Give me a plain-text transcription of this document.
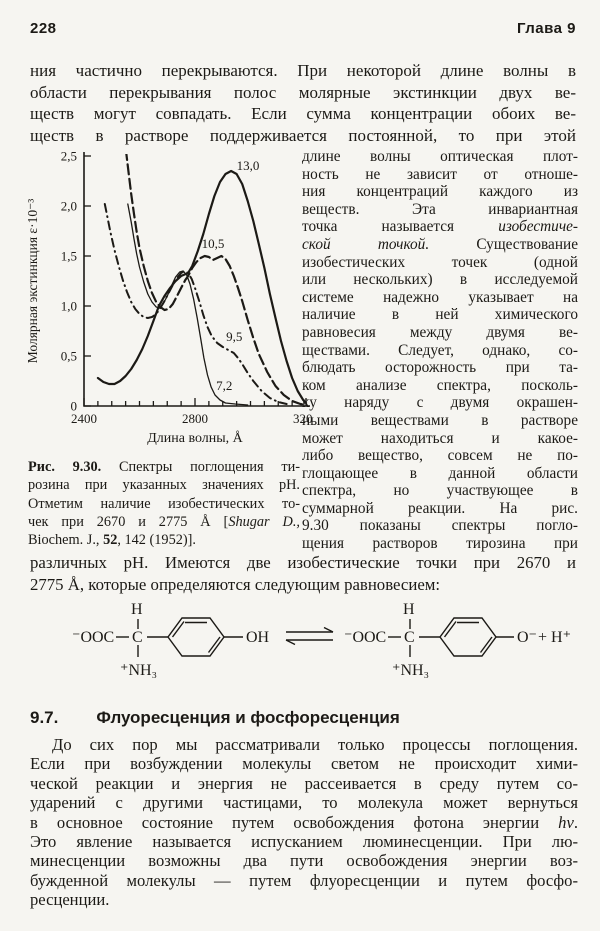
228	Глава 9
ния частично перекрываются. При некоторой длине волны в
области перекрывания полос молярные экстинкции двух ве-
ществ могут совпадать. Если сумма концентрации обоих ве-
ществ в растворе поддерживается постоянной, то при этой
2400	2800	320
0
0,5
1,0
1,5
2,0
2,5
Длина волны, Å
Молярная экстинкция ε·10⁻³
13,0
10,5
9,5
7,2
длине волны оптическая плот-
ность не зависит от отноше-
ния концентраций каждого из
веществ. Эта инвариантная
точка называется изобестиче-
ской точкой. Существование
изобестических точек (одной
или нескольких) в исследуемой
системе надежно указывает на
наличие в ней химического
равновесия между двумя ве-
ществами. Следует, однако, со-
блюдать осторожность при та-
ком анализе спектра, посколь-
ку наряду с двумя окрашен-
ными веществами в растворе
может находиться и какое-
либо вещество, совсем не по-
глощающее в данной области
спектра, но участвующее в
суммарной реакции. На рис.
9.30 показаны спектры погло-
щения растворов тирозина при
Рис. 9.30. Спектры поглощения ти-
розина при указанных значениях pH.
Отметим наличие изобестических то-
чек при 2670 и 2775 Å [Shugar D.,
Biochem. J., 52, 142 (1952)].
различных pH. Имеются две изобестические точки при 2670 и
2775 Å, которые определяются следующим равновесием:
H
⁻OOC C
⁺NH₃
OH
H
⁻OOC C
⁺NH₃
O⁻ + H⁺
9.7. Флуоресценция и фосфоресценция
До сих пор мы рассматривали только процессы поглощения.
Если при возбуждении молекулы светом не происходит хими-
ческой реакции и энергия не рассеивается в среду путем со-
ударений с другими частицами, то молекула может вернуться
в основное состояние путем освобождения фотона энергии hν.
Это явление называется испусканием люминесценции. При лю-
минесценции возможны два пути освобождения энергии воз-
бужденной молекулы — путем флуоресценции и путем фосфо-
ресценции.
